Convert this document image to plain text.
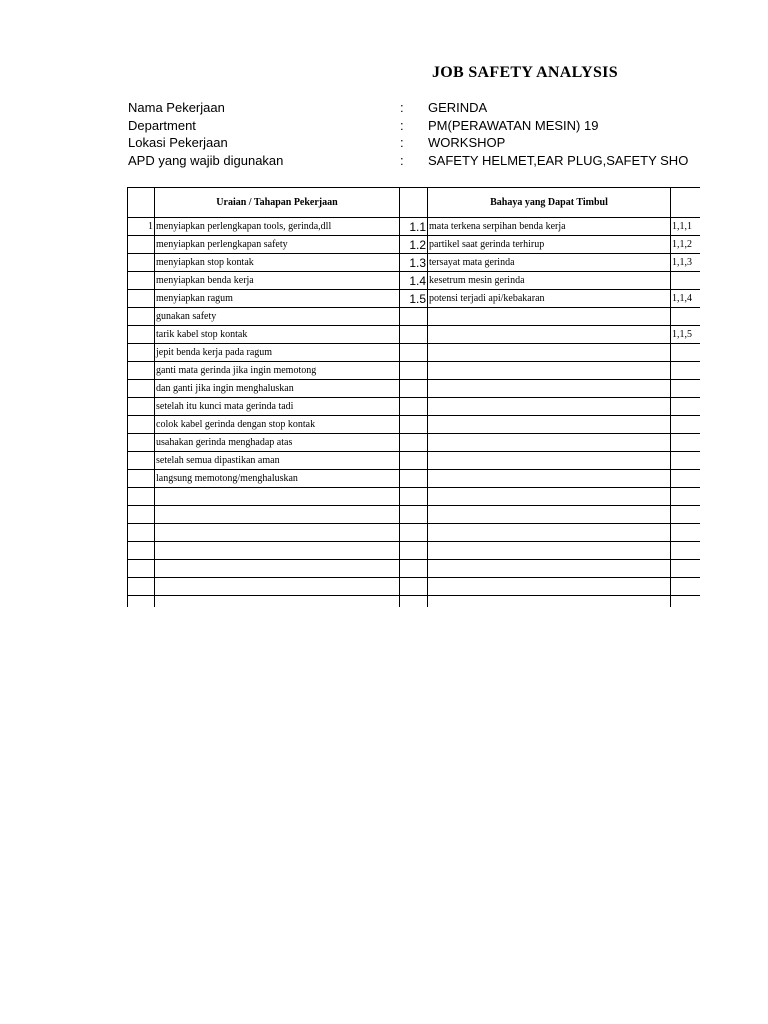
JOB SAFETY ANALYSIS
Nama Pekerjaan	: GERINDA
Department	: PM(PERAWATAN MESIN) 19
Lokasi Pekerjaan	: WORKSHOP
APD yang wajib digunakan	: SAFETY HELMET,EAR PLUG,SAFETY SHO
	Uraian / Tahapan Pekerjaan		Bahaya yang Dapat Timbul	
1	menyiapkan perlengkapan tools, gerinda,dll	1.1	mata terkena serpihan benda kerja	1,1,1
	menyiapkan perlengkapan safety	1.2	partikel saat gerinda terhirup	1,1,2
	menyiapkan stop kontak	1.3	tersayat mata gerinda	1,1,3
	menyiapkan benda kerja	1.4	kesetrum mesin gerinda	
	menyiapkan ragum	1.5	potensi terjadi api/kebakaran	1,1,4
	gunakan safety			
	tarik kabel stop kontak			1,1,5
	jepit benda kerja pada ragum			
	ganti mata gerinda jika ingin memotong			
	dan ganti jika ingin menghaluskan			
	setelah itu kunci mata gerinda tadi			
	colok kabel gerinda dengan stop kontak			
	usahakan gerinda menghadap atas			
	setelah semua dipastikan aman			
	langsung memotong/menghaluskan			
